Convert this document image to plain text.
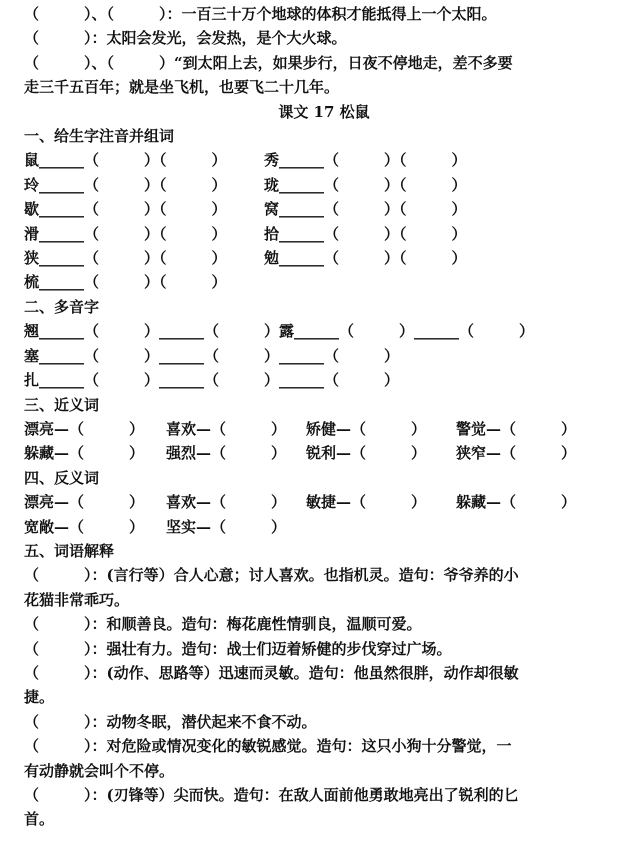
（　　　）、（　　　）：一百三十万个地球的体积才能抵得上一个太阳。
（　　　）：太阳会发光，会发热，是个大火球。
（　　　）、（　　　）“到太阳上去，如果步行，日夜不停地走，差不多要
走三千五百年；就是坐飞机，也要飞二十几年。
课文 17 松鼠
一、给生字注音并组词
鼠______（　　　）（　　　）	秀______（　　　）（　　　）
玲______（　　　）（　　　）	珑______（　　　）（　　　）
歇______（　　　）（　　　）	窝______（　　　）（　　　）
滑______（　　　）（　　　）	拾______（　　　）（　　　）
狭______（　　　）（　　　）	勉______（　　　）（　　　）
梳______（　　　）（　　　）
二、多音字
翘______（　　　）______（　　　）露______（　　　）______（　　　）
塞______（　　　）______（　　　）______（　　　）
扎______（　　　）______（　　　）______（　　　）
三、近义词
漂亮—（　　　）	喜欢—（　　　）	矫健—（　　　）	警觉—（　　　）
躲藏—（　　　）	强烈—（　　　）	锐利—（　　　）	狭窄—（　　　）
四、反义词
漂亮—（　　　）	喜欢—（　　　）	敏捷—（　　　）	躲藏—（　　　）
宽敞—（　　　）	坚实—（　　　）
五、词语解释
（　　　）：(言行等）合人心意；讨人喜欢。也指机灵。造句：爷爷养的小
花猫非常乖巧。
（　　　）：和顺善良。造句：梅花鹿性情驯良，温顺可爱。
（　　　）：强壮有力。造句：战士们迈着矫健的步伐穿过广场。
（　　　）：(动作、思路等）迅速而灵敏。造句：他虽然很胖，动作却很敏
捷。
（　　　）：动物冬眠，潜伏起来不食不动。
（　　　）：对危险或情况变化的敏锐感觉。造句：这只小狗十分警觉，一
有动静就会叫个不停。
（　　　）：(刃锋等）尖而快。造句：在敌人面前他勇敢地亮出了锐利的匕
首。
